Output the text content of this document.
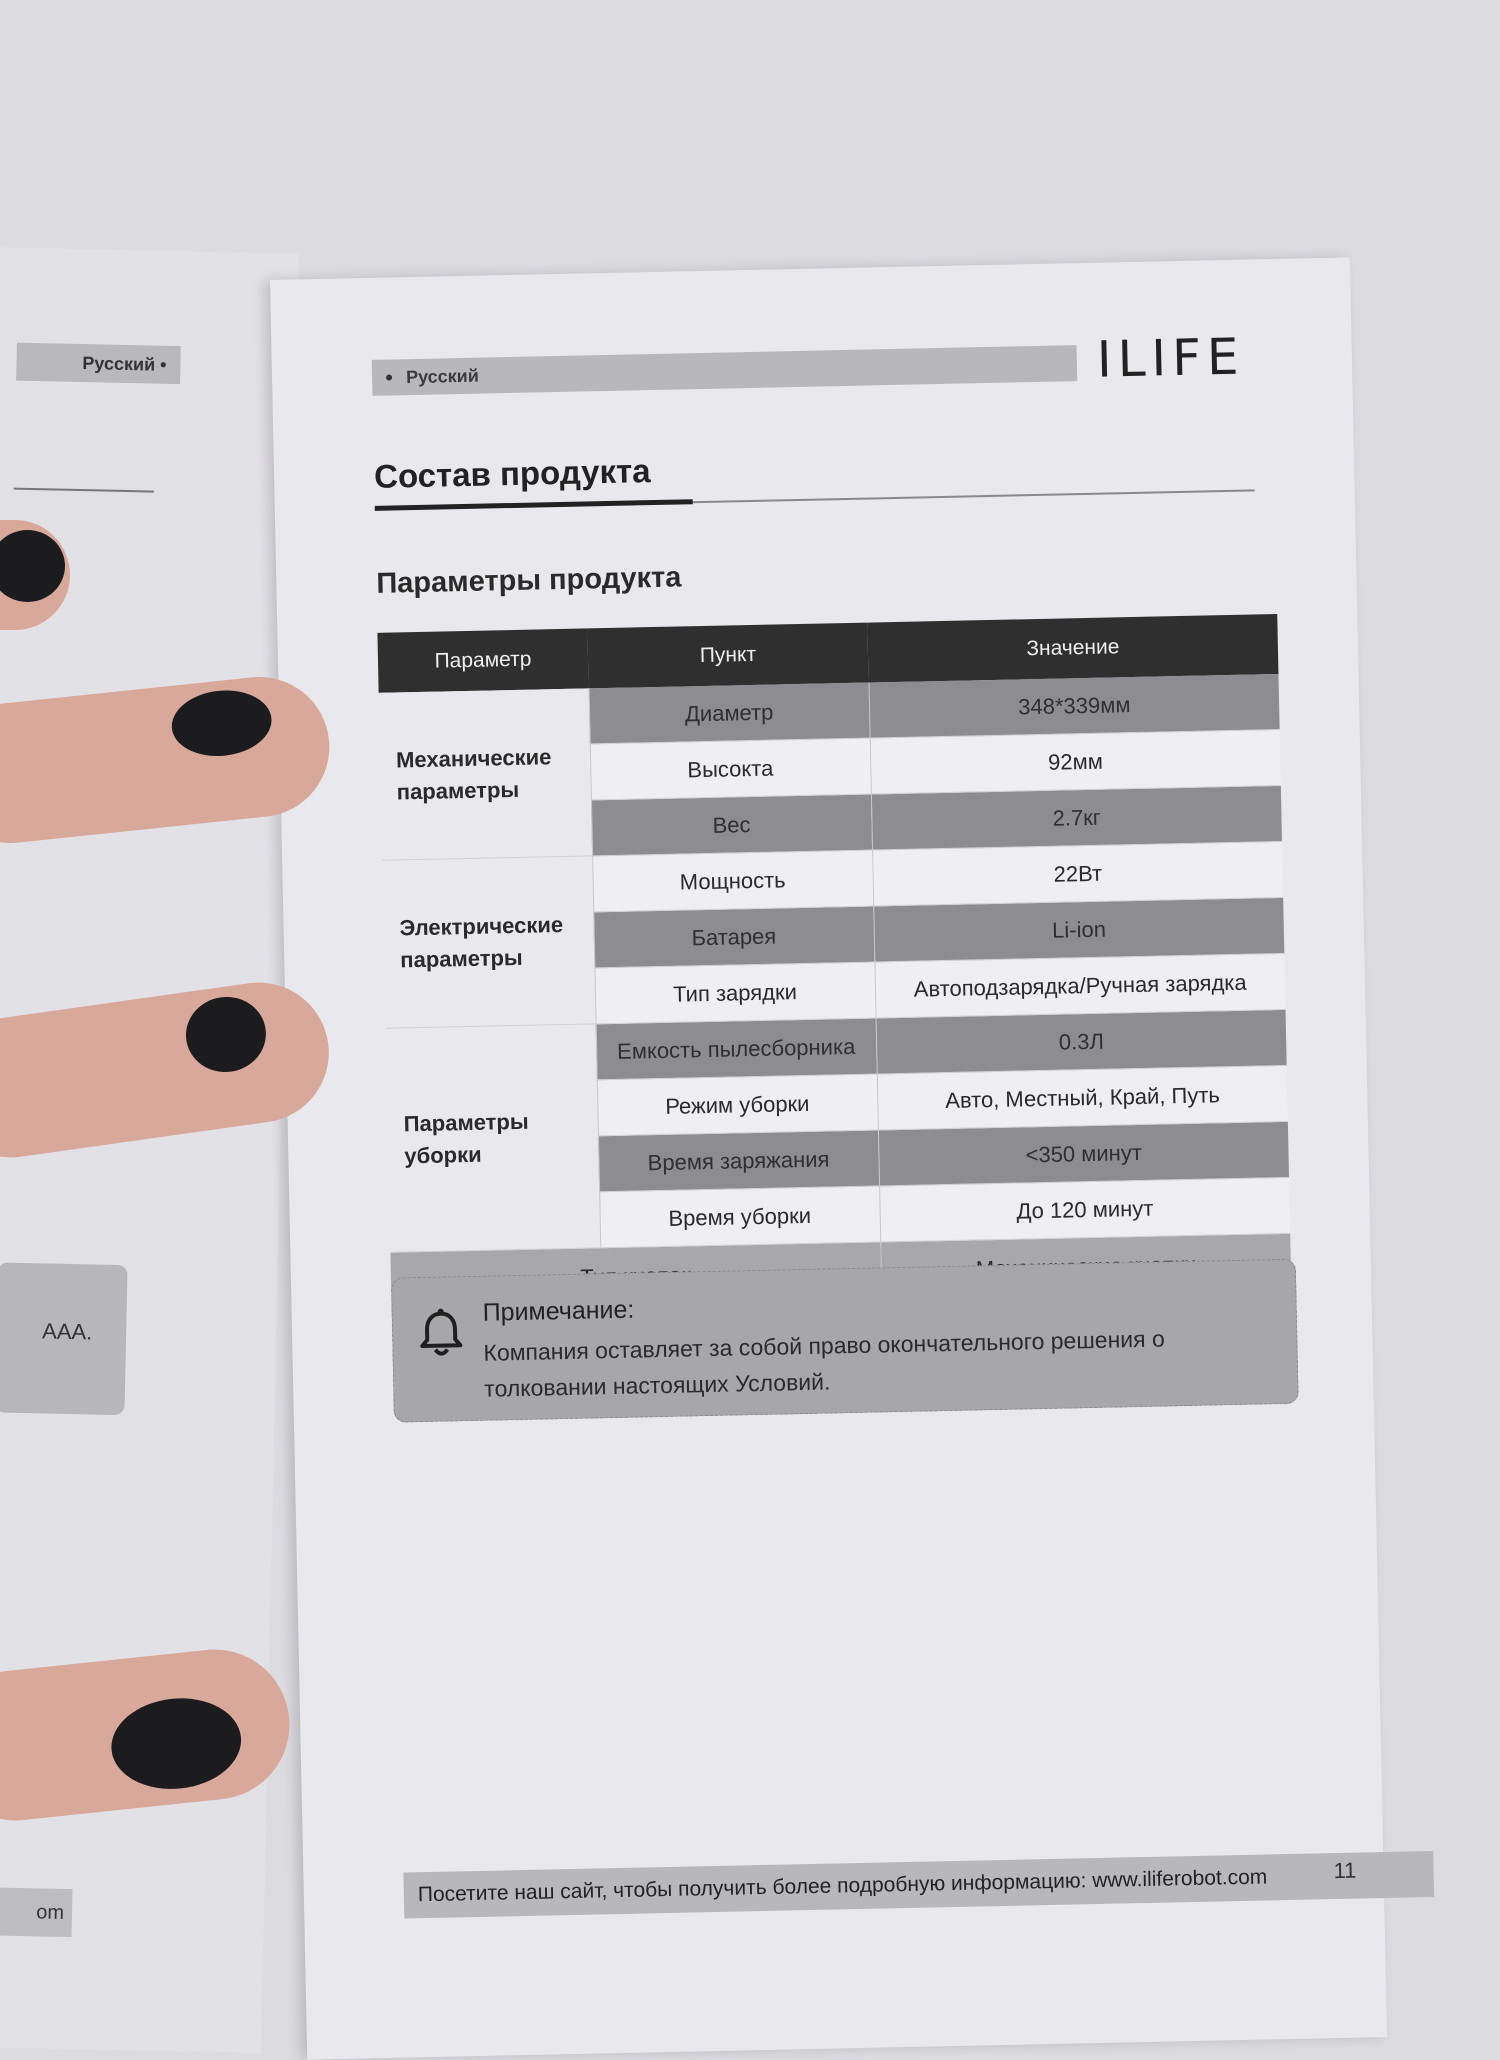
Русский •
AAA.
om
Русский	ILIFE
Состав продукта
Параметры продукта
Параметр	Пункт	Значение
Механические параметры	Диаметр	348*339мм
	Высокта	92мм
	Вес	2.7кг
Электрические параметры	Мощность	22Вт
	Батарея	Li-ion
	Тип зарядки	Автоподзарядка/Ручная зарядка
Параметры уборки	Емкость пылесборника	0.3Л
	Режим уборки	Авто, Местный, Край, Путь
	Время заряжания	<350 минут
	Время уборки	До 120 минут

Примечание:
Компания оставляет за собой право окончательного решения о толковании настоящих Условий.
Посетите наш сайт, чтобы получить более подробную информацию: www.iliferobot.com	11
